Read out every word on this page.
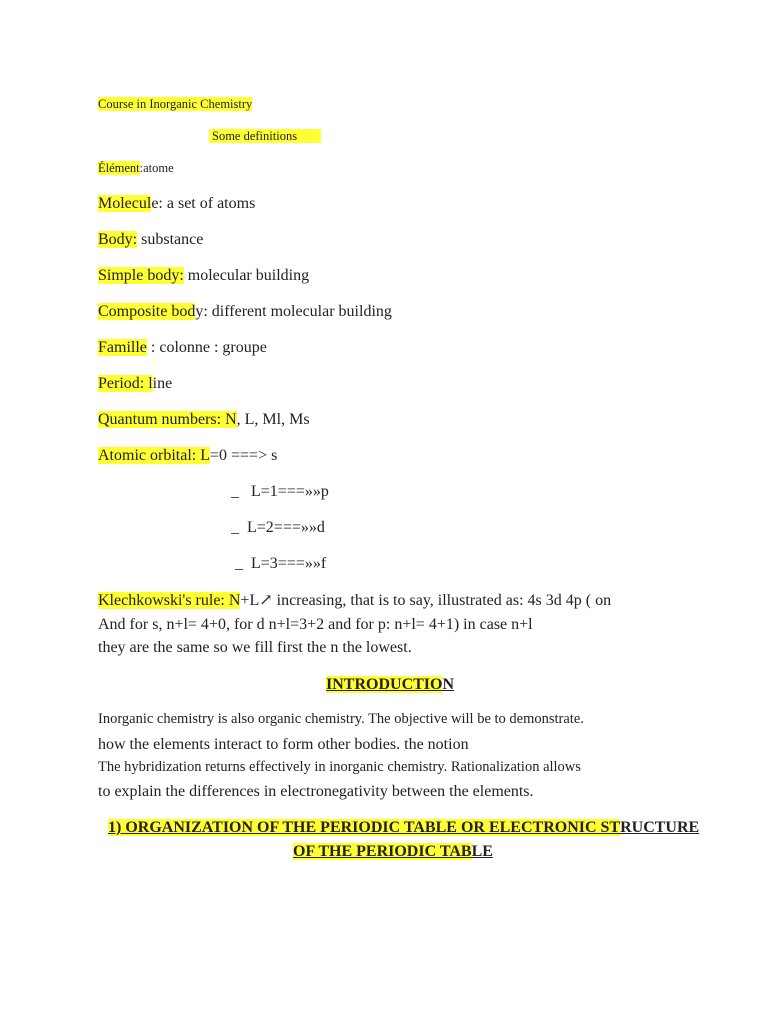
Course in Inorganic Chemistry
Some definitions
Élément:atome
Molecule: a set of atoms
Body: substance
Simple body: molecular building
Composite body: different molecular building
Famille : colonne : groupe
Period: line
Quantum numbers: N, L, Ml, Ms
Atomic orbital: L=0 ===> s
_   L=1===»»p
_  L=2===»»d
_  L=3===»»f
Klechkowski's rule: N+L↗ increasing, that is to say, illustrated as: 4s 3d 4p ( on
And for s, n+l= 4+0, for d n+l=3+2 and for p: n+l= 4+1) in case n+l
they are the same so we fill first the n the lowest.
INTRODUCTION
Inorganic chemistry is also organic chemistry. The objective will be to demonstrate.
how the elements interact to form other bodies. the notion
The hybridization returns effectively in inorganic chemistry. Rationalization allows
to explain the differences in electronegativity between the elements.
1) ORGANIZATION OF THE PERIODIC TABLE OR ELECTRONIC STRUCTURE
OF THE PERIODIC TABLE
